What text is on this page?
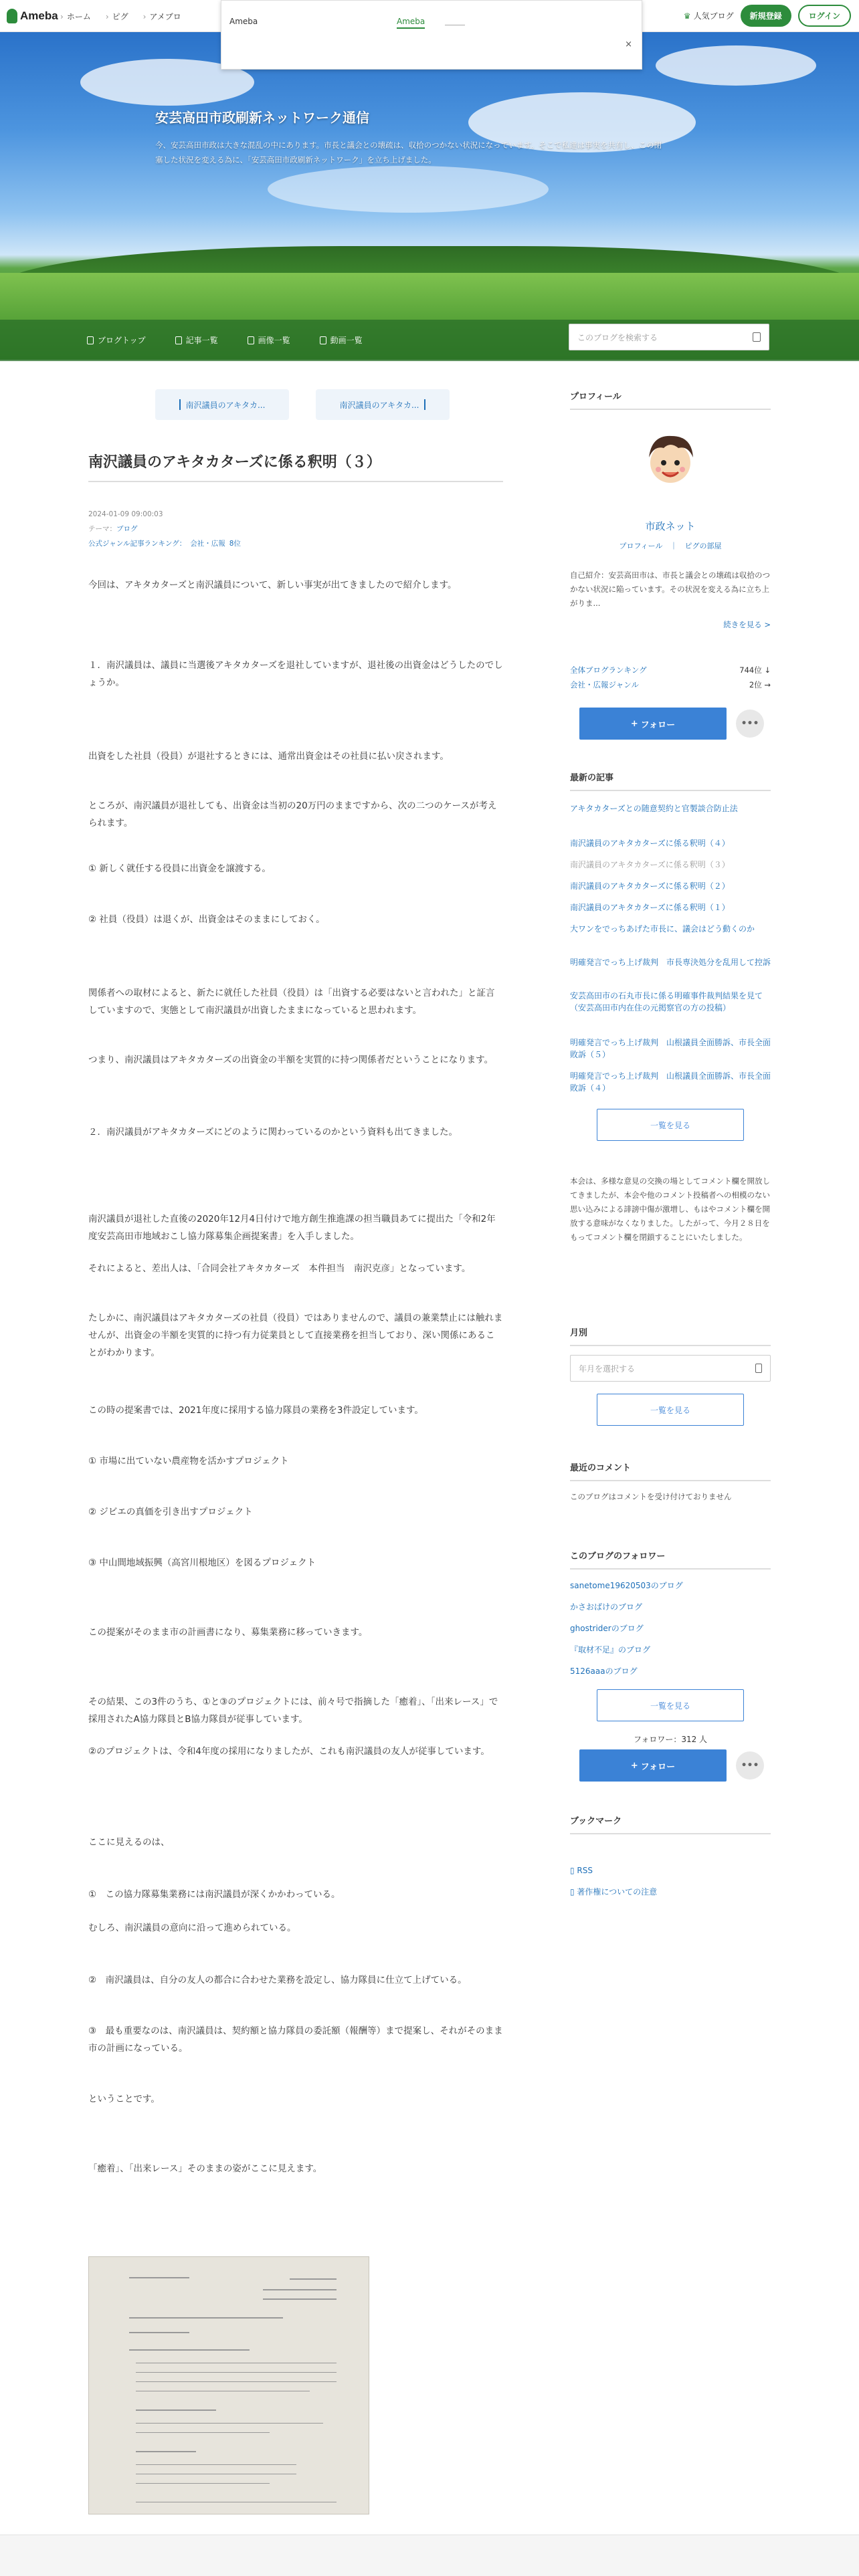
Ameba	› ホーム	› ピグ	› アメブロ	♛ 人気ブログ	新規登録	ログイン
安芸高田市政刷新ネットワーク通信
今、安芸高田市政は大きな混乱の中にあります。市長と議会との壊疏は、収拾のつかない状況になっています。そこで私達は事実を共有し、この閉塞した状況を変える為に、「安芸高田市政刷新ネットワーク」を立ち上げました。
Ameba	Ameba
×
ブログトップ	記事一覧	画像一覧	動画一覧	このブログを検索する
南沢議員のアキタカ...	南沢議員のアキタカ...
南沢議員のアキタカターズに係る釈明（３）
2024-01-09 09:00:03
テーマ：ブログ
公式ジャンル記事ランキング： 会社・広報 8位

今回は、アキタカターズと南沢議員について、新しい事実が出てきましたので紹介します。

１．南沢議員は、議員に当選後アキタカターズを退社していますが、退社後の出資金はどうしたのでしょうか。

出資をした社員（役員）が退社するときには、通常出資金はその社員に払い戻されます。

ところが、南沢議員が退社しても、出資金は当初の20万円のままですから、次の二つのケースが考えられます。

① 新しく就任する役員に出資金を譲渡する。

② 社員（役員）は退くが、出資金はそのままにしておく。

関係者への取材によると、新たに就任した社員（役員）は「出資する必要はないと言われた」と証言していますので、実態として南沢議員が出資したままになっていると思われます。

つまり、南沢議員はアキタカターズの出資金の半額を実質的に持つ関係者だということになります。

２．南沢議員がアキタカターズにどのように関わっているのかという資料も出てきました。

南沢議員が退社した直後の2020年12月4日付けで地方創生推進課の担当職員あてに提出た「令和2年度安芸高田市地域おこし協力隊募集企画提案書」を入手しました。

それによると、差出人は、「合同会社アキタカターズ　本件担当　南沢克彦」となっています。

たしかに、南沢議員はアキタカターズの社員（役員）ではありませんので、議員の兼業禁止には触れませんが、出資金の半額を実質的に持つ有力従業員として直接業務を担当しており、深い関係にあることがわかります。

この時の提案書では、2021年度に採用する協力隊員の業務を3件設定しています。

① 市場に出ていない農産物を活かすプロジェクト

② ジビエの真価を引き出すプロジェクト

③ 中山間地域振興（高宮川根地区）を図るプロジェクト

この提案がそのまま市の計画書になり、募集業務に移っていきます。

その結果、この3件のうち、①と③のプロジェクトには、前々号で指摘した「癒着」、「出来レース」で採用されたA協力隊員とB協力隊員が従事しています。

②のプロジェクトは、令和4年度の採用になりましたが、これも南沢議員の友人が従事しています。

ここに見えるのは、

①　この協力隊募集業務には南沢議員が深くかかわっている。

むしろ、南沢議員の意向に沿って進められている。

②　南沢議員は、自分の友人の都合に合わせた業務を設定し、協力隊員に仕立て上げている。

③　最も重要なのは、南沢議員は、契約額と協力隊員の委託額（報酬等）まで提案し、それがそのまま市の計画になっている。

ということです。

「癒着」、「出来レース」そのままの姿がここに見えます。

プロフィール
市政ネット
プロフィール　｜　ピグの部屋
自己紹介：安芸高田市は、市長と議会との壊疏は収拾のつかない状況に陥っています。その状況を変える為に立ち上がりま...
続きを見る >
全体ブログランキング	744位 ↓
会社・広報ジャンル	2位 →
+ フォロー	•••
最新の記事
アキタカターズとの随意契約と官製談合防止法
南沢議員のアキタカターズに係る釈明（４）
南沢議員のアキタカターズに係る釈明（３）
南沢議員のアキタカターズに係る釈明（２）
南沢議員のアキタカターズに係る釈明（１）
大ワンをでっちあげた市長に、議会はどう動くのか
明確発言でっち上げ裁判　市長専決処分を乱用して控訴
安芸高田市の石丸市長に係る明確事件裁判結果を見て（安芸高田市内在住の元掲察官の方の投稿）
明確発言でっち上げ裁判　山根議員全面勝訴、市長全面敗訴（５）
明確発言でっち上げ裁判　山根議員全面勝訴、市長全面敗訴（４）
一覧を見る
本会は、多様な意見の交換の場としてコメント欄を開放してきましたが、本会や他のコメント投稿者への相模のない思い込みによる誹謗中傷が激増し、もはやコメント欄を開放する意味がなくなりました。したがって、今月２８日をもってコメント欄を閉鎖することにいたしました。
月別
年月を選択する
一覧を見る
最近のコメント
このブログはコメントを受け付けておりません
このブログのフォロワー
sanetome19620503のブログ
かさおばけのブログ
ghostriderのブログ
『取材不足』のブログ
5126aaaのブログ
一覧を見る
フォロワー：312 人
+ フォロー	•••
ブックマーク
▯ RSS
▯ 著作権についての注意
